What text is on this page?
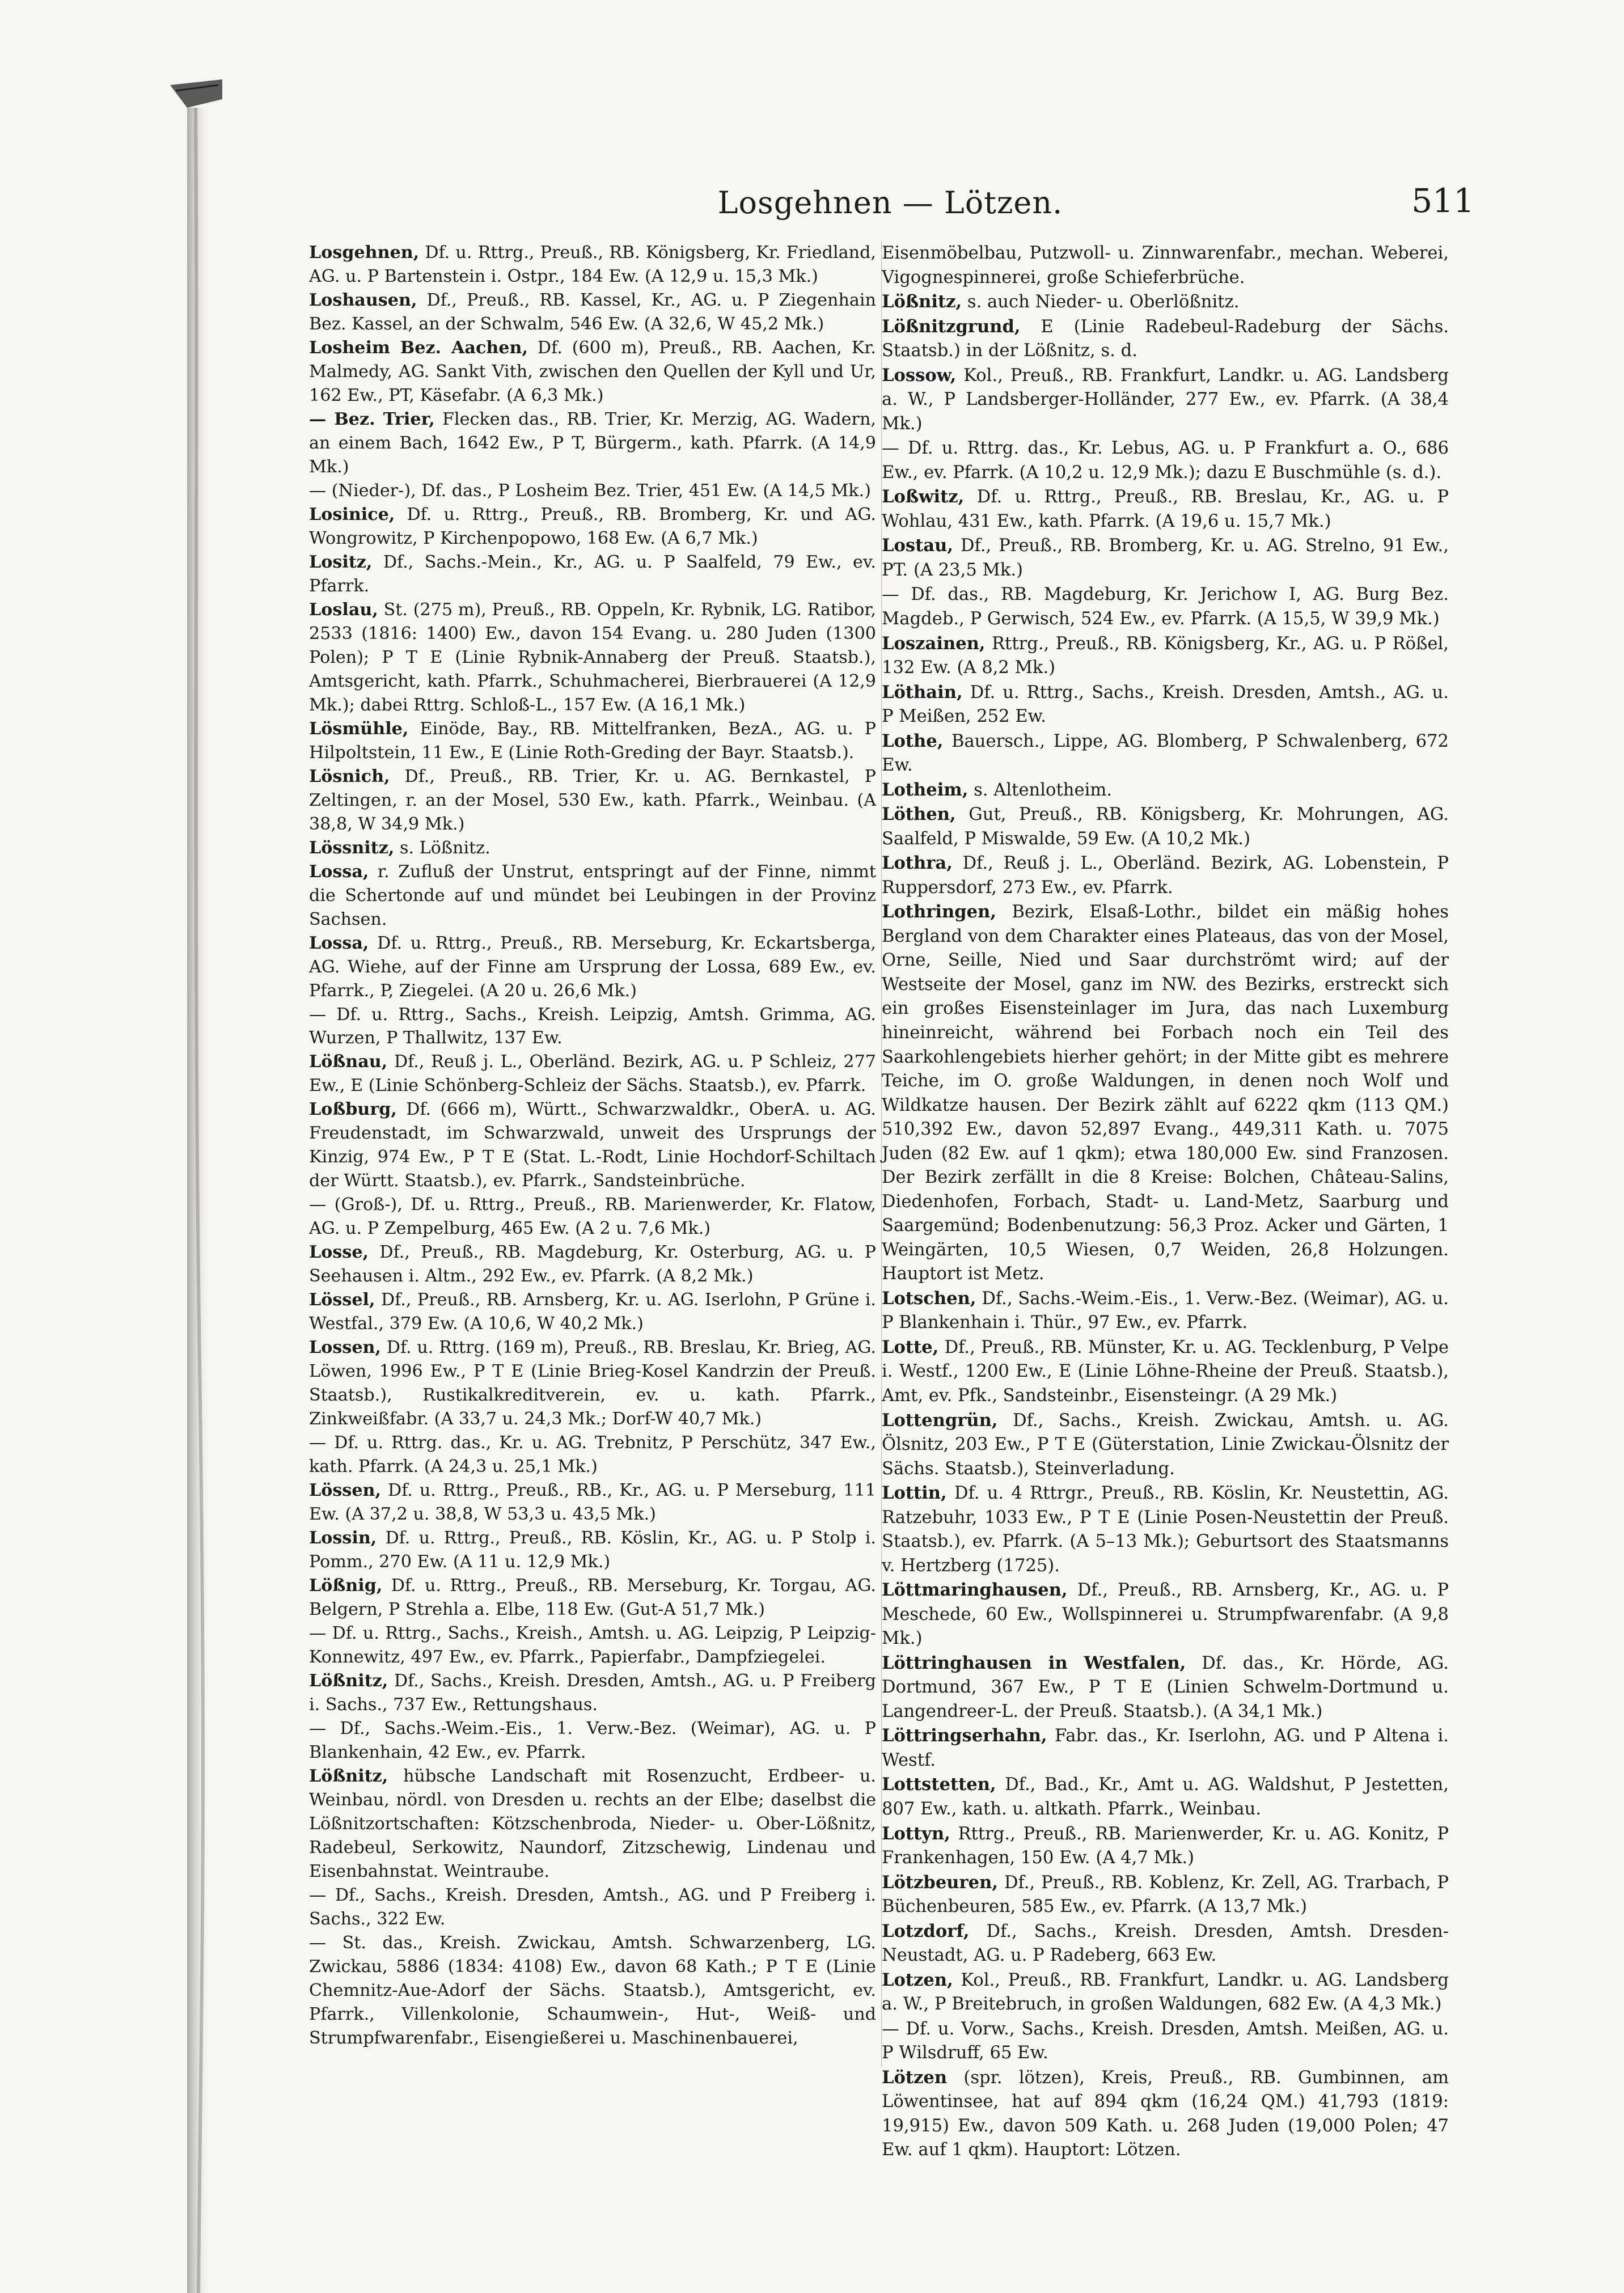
Losgehnen — Lötzen.	511

Losgehnen, Df. u. Rttrg., Preuß., RB. Königsberg, Kr. Friedland, AG. u. P Bartenstein i. Ostpr., 184 Ew. (A 12,9 u. 15,3 Mk.)

Loshausen, Df., Preuß., RB. Kassel, Kr., AG. u. P Ziegenhain Bez. Kassel, an der Schwalm, 546 Ew. (A 32,6, W 45,2 Mk.)

Losheim Bez. Aachen, Df. (600 m), Preuß., RB. Aachen, Kr. Malmedy, AG. Sankt Vith, zwischen den Quellen der Kyll und Ur, 162 Ew., PT, Käsefabr. (A 6,3 Mk.)

— Bez. Trier, Flecken das., RB. Trier, Kr. Merzig, AG. Wadern, an einem Bach, 1642 Ew., P T, Bürgerm., kath. Pfarrk. (A 14,9 Mk.)

— (Nieder-), Df. das., P Losheim Bez. Trier, 451 Ew. (A 14,5 Mk.)

Losinice, Df. u. Rttrg., Preuß., RB. Bromberg, Kr. und AG. Wongrowitz, P Kirchenpopowo, 168 Ew. (A 6,7 Mk.)

Lositz, Df., Sachs.-Mein., Kr., AG. u. P Saalfeld, 79 Ew., ev. Pfarrk.

Loslau, St. (275 m), Preuß., RB. Oppeln, Kr. Rybnik, LG. Ratibor, 2533 (1816: 1400) Ew., davon 154 Evang. u. 280 Juden (1300 Polen); P T E (Linie Rybnik-Annaberg der Preuß. Staatsb.), Amtsgericht, kath. Pfarrk., Schuhmacherei, Bierbrauerei (A 12,9 Mk.); dabei Rttrg. Schloß-L., 157 Ew. (A 16,1 Mk.)

Lösmühle, Einöde, Bay., RB. Mittelfranken, BezA., AG. u. P Hilpoltstein, 11 Ew., E (Linie Roth-Greding der Bayr. Staatsb.).

Lösnich, Df., Preuß., RB. Trier, Kr. u. AG. Bernkastel, P Zeltingen, r. an der Mosel, 530 Ew., kath. Pfarrk., Weinbau. (A 38,8, W 34,9 Mk.)

Lössnitz, s. Lößnitz.

Lossa, r. Zufluß der Unstrut, entspringt auf der Finne, nimmt die Schertonde auf und mündet bei Leubingen in der Provinz Sachsen.

Lossa, Df. u. Rttrg., Preuß., RB. Merseburg, Kr. Eckartsberga, AG. Wiehe, auf der Finne am Ursprung der Lossa, 689 Ew., ev. Pfarrk., P, Ziegelei. (A 20 u. 26,6 Mk.)

— Df. u. Rttrg., Sachs., Kreish. Leipzig, Amtsh. Grimma, AG. Wurzen, P Thallwitz, 137 Ew.

Lößnau, Df., Reuß j. L., Oberländ. Bezirk, AG. u. P Schleiz, 277 Ew., E (Linie Schönberg-Schleiz der Sächs. Staatsb.), ev. Pfarrk.

Loßburg, Df. (666 m), Württ., Schwarzwaldkr., OberA. u. AG. Freudenstadt, im Schwarzwald, unweit des Ursprungs der Kinzig, 974 Ew., P T E (Stat. L.-Rodt, Linie Hochdorf-Schiltach der Württ. Staatsb.), ev. Pfarrk., Sandsteinbrüche.

— (Groß-), Df. u. Rttrg., Preuß., RB. Marienwerder, Kr. Flatow, AG. u. P Zempelburg, 465 Ew. (A 2 u. 7,6 Mk.)

Losse, Df., Preuß., RB. Magdeburg, Kr. Osterburg, AG. u. P Seehausen i. Altm., 292 Ew., ev. Pfarrk. (A 8,2 Mk.)

Lössel, Df., Preuß., RB. Arnsberg, Kr. u. AG. Iserlohn, P Grüne i. Westfal., 379 Ew. (A 10,6, W 40,2 Mk.)

Lossen, Df. u. Rttrg. (169 m), Preuß., RB. Breslau, Kr. Brieg, AG. Löwen, 1996 Ew., P T E (Linie Brieg-Kosel Kandrzin der Preuß. Staatsb.), Rustikalkreditverein, ev. u. kath. Pfarrk., Zinkweißfabr. (A 33,7 u. 24,3 Mk.; Dorf-W 40,7 Mk.)

— Df. u. Rttrg. das., Kr. u. AG. Trebnitz, P Perschütz, 347 Ew., kath. Pfarrk. (A 24,3 u. 25,1 Mk.)

Lössen, Df. u. Rttrg., Preuß., RB., Kr., AG. u. P Merseburg, 111 Ew. (A 37,2 u. 38,8, W 53,3 u. 43,5 Mk.)

Lossin, Df. u. Rttrg., Preuß., RB. Köslin, Kr., AG. u. P Stolp i. Pomm., 270 Ew. (A 11 u. 12,9 Mk.)

Lößnig, Df. u. Rttrg., Preuß., RB. Merseburg, Kr. Torgau, AG. Belgern, P Strehla a. Elbe, 118 Ew. (Gut-A 51,7 Mk.)

— Df. u. Rttrg., Sachs., Kreish., Amtsh. u. AG. Leipzig, P Leipzig-Konnewitz, 497 Ew., ev. Pfarrk., Papierfabr., Dampfziegelei.

Lößnitz, Df., Sachs., Kreish. Dresden, Amtsh., AG. u. P Freiberg i. Sachs., 737 Ew., Rettungshaus.

— Df., Sachs.-Weim.-Eis., 1. Verw.-Bez. (Weimar), AG. u. P Blankenhain, 42 Ew., ev. Pfarrk.

Lößnitz, hübsche Landschaft mit Rosenzucht, Erdbeer- u. Weinbau, nördl. von Dresden u. rechts an der Elbe; daselbst die Lößnitzortschaften: Kötzschenbroda, Nieder- u. Ober-Lößnitz, Radebeul, Serkowitz, Naundorf, Zitzschewig, Lindenau und Eisenbahnstat. Weintraube.

— Df., Sachs., Kreish. Dresden, Amtsh., AG. und P Freiberg i. Sachs., 322 Ew.

— St. das., Kreish. Zwickau, Amtsh. Schwarzenberg, LG. Zwickau, 5886 (1834: 4108) Ew., davon 68 Kath.; P T E (Linie Chemnitz-Aue-Adorf der Sächs. Staatsb.), Amtsgericht, ev. Pfarrk., Villenkolonie, Schaumwein-, Hut-, Weiß- und Strumpfwarenfabr., Eisengießerei u. Maschinenbauerei,

Eisenmöbelbau, Putzwoll- u. Zinnwarenfabr., mechan. Weberei, Vigognespinnerei, große Schieferbrüche.

Lößnitz, s. auch Nieder- u. Oberlößnitz.

Lößnitzgrund, E (Linie Radebeul-Radeburg der Sächs. Staatsb.) in der Lößnitz, s. d.

Lossow, Kol., Preuß., RB. Frankfurt, Landkr. u. AG. Landsberg a. W., P Landsberger-Holländer, 277 Ew., ev. Pfarrk. (A 38,4 Mk.)

— Df. u. Rttrg. das., Kr. Lebus, AG. u. P Frankfurt a. O., 686 Ew., ev. Pfarrk. (A 10,2 u. 12,9 Mk.); dazu E Buschmühle (s. d.).

Loßwitz, Df. u. Rttrg., Preuß., RB. Breslau, Kr., AG. u. P Wohlau, 431 Ew., kath. Pfarrk. (A 19,6 u. 15,7 Mk.)

Lostau, Df., Preuß., RB. Bromberg, Kr. u. AG. Strelno, 91 Ew., PT. (A 23,5 Mk.)

— Df. das., RB. Magdeburg, Kr. Jerichow I, AG. Burg Bez. Magdeb., P Gerwisch, 524 Ew., ev. Pfarrk. (A 15,5, W 39,9 Mk.)

Loszainen, Rttrg., Preuß., RB. Königsberg, Kr., AG. u. P Rößel, 132 Ew. (A 8,2 Mk.)

Löthain, Df. u. Rttrg., Sachs., Kreish. Dresden, Amtsh., AG. u. P Meißen, 252 Ew.

Lothe, Bauersch., Lippe, AG. Blomberg, P Schwalenberg, 672 Ew.

Lotheim, s. Altenlotheim.

Löthen, Gut, Preuß., RB. Königsberg, Kr. Mohrungen, AG. Saalfeld, P Miswalde, 59 Ew. (A 10,2 Mk.)

Lothra, Df., Reuß j. L., Oberländ. Bezirk, AG. Lobenstein, P Ruppersdorf, 273 Ew., ev. Pfarrk.

Lothringen, Bezirk, Elsaß-Lothr., bildet ein mäßig hohes Bergland von dem Charakter eines Plateaus, das von der Mosel, Orne, Seille, Nied und Saar durchströmt wird; auf der Westseite der Mosel, ganz im NW. des Bezirks, erstreckt sich ein großes Eisensteinlager im Jura, das nach Luxemburg hineinreicht, während bei Forbach noch ein Teil des Saarkohlengebiets hierher gehört; in der Mitte gibt es mehrere Teiche, im O. große Waldungen, in denen noch Wolf und Wildkatze hausen. Der Bezirk zählt auf 6222 qkm (113 QM.) 510,392 Ew., davon 52,897 Evang., 449,311 Kath. u. 7075 Juden (82 Ew. auf 1 qkm); etwa 180,000 Ew. sind Franzosen. Der Bezirk zerfällt in die 8 Kreise: Bolchen, Château-Salins, Diedenhofen, Forbach, Stadt- u. Land-Metz, Saarburg und Saargemünd; Bodenbenutzung: 56,3 Proz. Acker und Gärten, 1 Weingärten, 10,5 Wiesen, 0,7 Weiden, 26,8 Holzungen. Hauptort ist Metz.

Lotschen, Df., Sachs.-Weim.-Eis., 1. Verw.-Bez. (Weimar), AG. u. P Blankenhain i. Thür., 97 Ew., ev. Pfarrk.

Lotte, Df., Preuß., RB. Münster, Kr. u. AG. Tecklenburg, P Velpe i. Westf., 1200 Ew., E (Linie Löhne-Rheine der Preuß. Staatsb.), Amt, ev. Pfk., Sandsteinbr., Eisensteingr. (A 29 Mk.)

Lottengrün, Df., Sachs., Kreish. Zwickau, Amtsh. u. AG. Ölsnitz, 203 Ew., P T E (Güterstation, Linie Zwickau-Ölsnitz der Sächs. Staatsb.), Steinverladung.

Lottin, Df. u. 4 Rttrgr., Preuß., RB. Köslin, Kr. Neustettin, AG. Ratzebuhr, 1033 Ew., P T E (Linie Posen-Neustettin der Preuß. Staatsb.), ev. Pfarrk. (A 5–13 Mk.); Geburtsort des Staatsmanns v. Hertzberg (1725).

Löttmaringhausen, Df., Preuß., RB. Arnsberg, Kr., AG. u. P Meschede, 60 Ew., Wollspinnerei u. Strumpfwarenfabr. (A 9,8 Mk.)

Löttringhausen in Westfalen, Df. das., Kr. Hörde, AG. Dortmund, 367 Ew., P T E (Linien Schwelm-Dortmund u. Langendreer-L. der Preuß. Staatsb.). (A 34,1 Mk.)

Löttringserhahn, Fabr. das., Kr. Iserlohn, AG. und P Altena i. Westf.

Lottstetten, Df., Bad., Kr., Amt u. AG. Waldshut, P Jestetten, 807 Ew., kath. u. altkath. Pfarrk., Weinbau.

Lottyn, Rttrg., Preuß., RB. Marienwerder, Kr. u. AG. Konitz, P Frankenhagen, 150 Ew. (A 4,7 Mk.)

Lötzbeuren, Df., Preuß., RB. Koblenz, Kr. Zell, AG. Trarbach, P Büchenbeuren, 585 Ew., ev. Pfarrk. (A 13,7 Mk.)

Lotzdorf, Df., Sachs., Kreish. Dresden, Amtsh. Dresden-Neustadt, AG. u. P Radeberg, 663 Ew.

Lotzen, Kol., Preuß., RB. Frankfurt, Landkr. u. AG. Landsberg a. W., P Breitebruch, in großen Waldungen, 682 Ew. (A 4,3 Mk.)

— Df. u. Vorw., Sachs., Kreish. Dresden, Amtsh. Meißen, AG. u. P Wilsdruff, 65 Ew.

Lötzen (spr. lötzen), Kreis, Preuß., RB. Gumbinnen, am Löwentinsee, hat auf 894 qkm (16,24 QM.) 41,793 (1819: 19,915) Ew., davon 509 Kath. u. 268 Juden (19,000 Polen; 47 Ew. auf 1 qkm). Hauptort: Lötzen.
